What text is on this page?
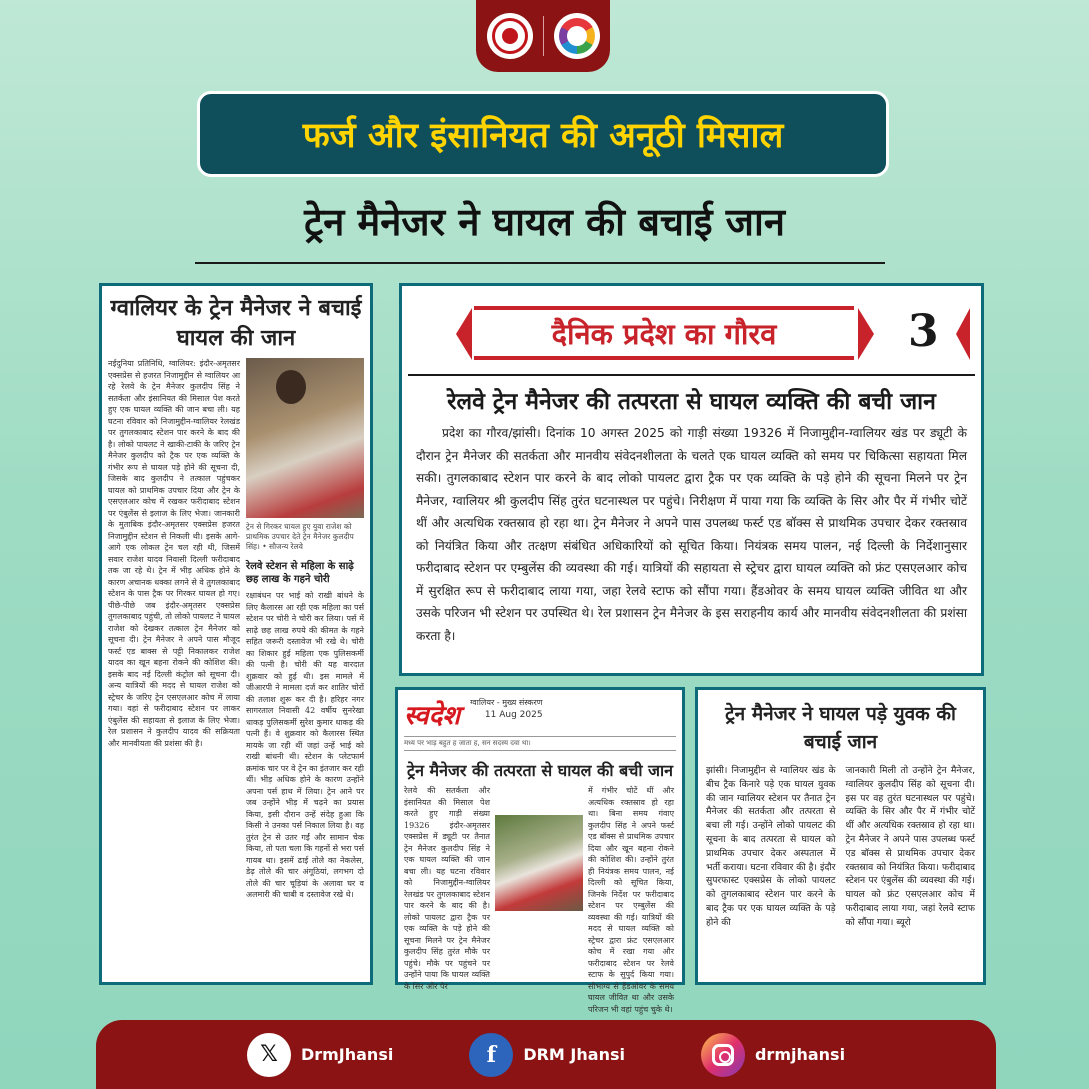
फर्ज और इंसानियत की अनूठी मिसाल
ट्रेन मैनेजर ने घायल की बचाई जान
ग्वालियर के ट्रेन मैनेजर ने बचाई घायल की जान
नईदुनिया प्रतिनिधि, ग्वालियर: इंदौर-अमृतसर एक्सप्रेस से हजरत निजामुद्दीन से ग्वालियर आ रहे रेलवे के ट्रेन मैनेजर कुलदीप सिंह ने सतर्कता और इंसानियत की मिसाल पेश करते हुए एक घायल व्यक्ति की जान बचा ली। यह घटना रविवार को निजामुद्दीन-ग्वालियर रेलखंड पर तुगलकाबाद स्टेशन पार करने के बाद की है। लोको पायलट ने खाकी-टाकी के जरिए ट्रेन मैनेजर कुलदीप को ट्रैक पर एक व्यक्ति के गंभीर रूप से घायल पड़े होने की सूचना दी, जिसके बाद कुलदीप ने तत्काल पहुंचकर घायल को प्राथमिक उपचार दिया और ट्रेन के एसएलआर कोच में रखकर फरीदाबाद स्टेशन पर एंबुलेंस से इलाज के लिए भेजा। जानकारी के मुताबिक इंदौर-अमृतसर एक्सप्रेस हजरत निजामुद्दीन स्टेशन से निकली थी। इसके आगे-आगे एक लोकल ट्रेन चल रही थी, जिसमें सवार राजेश यादव निवासी दिल्ली फरीदाबाद तक जा रहे थे। ट्रेन में भीड़ अधिक होने के कारण अचानक धक्का लगने से वे तुगलकाबाद स्टेशन के पास ट्रैक पर गिरकर घायल हो गए। पीछे-पीछे जब इंदौर-अमृतसर एक्सप्रेस तुगलकाबाद पहुंची, तो लोको पायलट ने घायल राजेश को देखकर तत्काल ट्रेन मैनेजर को सूचना दी। ट्रेन मैनेजर ने अपने पास मौजूद फर्स्ट एड बाक्स से पट्टी निकालकर राजेश यादव का खून बहना रोकने की कोशिश की। इसके बाद नई दिल्ली कंट्रोल को सूचना दी। अन्य यात्रियों की मदद से घायल राजेश को स्ट्रेचर के जरिए ट्रेन एसएलआर कोच में लाया गया। वहां से फरीदाबाद स्टेशन पर लाकर एंबुलेंस की सहायता से इलाज के लिए भेजा। रेल प्रशासन ने कुलदीप यादव की सक्रियता और मानवीयता की प्रशंसा की है।
ट्रेन से गिरकर घायल हुए युवा राजेश को प्राथमिक उपचार देते ट्रेन मैनेजर कुलदीप सिंह। • सौजन्य रेलवे
रेलवे स्टेशन से महिला के साढ़े छह लाख के गहने चोरी
रक्षाबंधन पर भाई को राखी बांधने के लिए कैलारस आ रही एक महिला का पर्स स्टेशन पर चोरी ने चोरी कर लिया। पर्स में साढ़े छह लाख रुपये की कीमत के गहने सहित जरूरी दस्तावेज भी रखे थे। चोरी का शिकार हुई महिला एक पुलिसकर्मी की पत्नी है। चोरी की यह वारदात शुक्रवार को हुई थी। इस मामले में जीआरपी ने मामला दर्ज कर शातिर चोरों की तलाश शुरू कर दी है। हरिहर नगर सागरताल निवासी 42 वर्षीय सुनरेखा धाकड़ पुलिसकर्मी सुरेश कुमार धाकड़ की पत्नी हैं। वे शुक्रवार को कैलारस स्थित मायके जा रही थीं जहां उन्हें भाई को राखी बांधनी थी। स्टेशन के प्लेटफार्म क्रमांक चार पर वे ट्रेन का इंतजार कर रही थीं। भीड़ अधिक होने के कारण उन्होंने अपना पर्स हाथ में लिया। ट्रेन आने पर जब उन्होंने भीड़ में चढ़ने का प्रयास किया, इसी दौरान उन्हें संदेह हुआ कि किसी ने उनका पर्स निकाल लिया है। वह तुरंत ट्रेन से उतर गईं और सामान चेक किया, तो पता चला कि गहनों से भरा पर्स गायब था। इसमें ढाई तोले का नेकलेस, डेढ़ तोले की चार अंगूठियां, लगभग दो तोले की चार चूड़ियां के अलावा घर व अलमारी की चाबी व दस्तावेज रखे थे।
दैनिक प्रदेश का गौरव	3
रेलवे ट्रेन मैनेजर की तत्परता से घायल व्यक्ति की बची जान
प्रदेश का गौरव/झांसी। दिनांक 10 अगस्त 2025 को गाड़ी संख्या 19326 में निजामुद्दीन-ग्वालियर खंड पर ड्यूटी के दौरान ट्रेन मैनेजर की सतर्कता और मानवीय संवेदनशीलता के चलते एक घायल व्यक्ति को समय पर चिकित्सा सहायता मिल सकी। तुगलकाबाद स्टेशन पार करने के बाद लोको पायलट द्वारा ट्रैक पर एक व्यक्ति के पड़े होने की सूचना मिलने पर ट्रेन मैनेजर, ग्वालियर श्री कुलदीप सिंह तुरंत घटनास्थल पर पहुंचे। निरीक्षण में पाया गया कि व्यक्ति के सिर और पैर में गंभीर चोटें थीं और अत्यधिक रक्तस्राव हो रहा था। ट्रेन मैनेजर ने अपने पास उपलब्ध फर्स्ट एड बॉक्स से प्राथमिक उपचार देकर रक्तस्राव को नियंत्रित किया और तत्क्षण संबंधित अधिकारियों को सूचित किया। नियंत्रक समय पालन, नई दिल्ली के निर्देशानुसार फरीदाबाद स्टेशन पर एम्बुलेंस की व्यवस्था की गई। यात्रियों की सहायता से स्ट्रेचर द्वारा घायल व्यक्ति को फ्रंट एसएलआर कोच में सुरक्षित रूप से फरीदाबाद लाया गया, जहा रेलवे स्टाफ को सौंपा गया। हैंडओवर के समय घायल व्यक्ति जीवित था और उसके परिजन भी स्टेशन पर उपस्थित थे। रेल प्रशासन ट्रेन मैनेजर के इस सराहनीय कार्य और मानवीय संवेदनशीलता की प्रशंसा करता है।
स्वदेश ग्वालियर - मुख्य संस्करण
11 Aug 2025
मध्य पर भाड़ बहुत ह जाता ह, सन सदस्य दवा था।
ट्रेन मैनेजर की तत्परता से घायल की बची जान
रेलवे की सतर्कता और इंसानियत की मिसाल पेश करते हुए गाड़ी संख्या 19326 इंदौर-अमृतसर एक्सप्रेस में ड्यूटी पर तैनात ट्रेन मैनेजर कुलदीप सिंह ने एक घायल व्यक्ति की जान बचा ली। यह घटना रविवार को निजामुद्दीन-ग्वालियर रेलखंड पर तुगलकाबाद स्टेशन पार करने के बाद की है। लोको पायलट द्वारा ट्रैक पर एक व्यक्ति के पड़े होने की सूचना मिलने पर ट्रेन मैनेजर कुलदीप सिंह तुरंत मौके पर पहुंचे। मौके पर पहुंचने पर उन्होंने पाया कि घायल व्यक्ति के सिर और पैर
में गंभीर चोटें थीं और अत्यधिक रक्तस्राव हो रहा था। बिना समय गंवाए कुलदीप सिंह ने अपने फर्स्ट एड बॉक्स से प्राथमिक उपचार दिया और खून बहना रोकने की कोशिश की। उन्होंने तुरंत ही नियंत्रक समय पालन, नई दिल्ली को सूचित किया, जिनके निर्देश पर फरीदाबाद स्टेशन पर एम्बुलेंस की व्यवस्था की गई। यात्रियों की मदद से घायल व्यक्ति को स्ट्रेचर द्वारा फ्रंट एसएलआर कोच में रखा गया और फरीदाबाद स्टेशन पर रेलवे स्टाफ के सुपुर्द किया गया। सौभाग्य से हैंडओवर के समय घायल जीवित था और उसके परिजन भी वहां पहुंच चुके थे।
ट्रेन मैनेजर ने घायल पड़े युवक की बचाई जान
झांसी। निजामुद्दीन से ग्वालियर खंड के बीच ट्रैक किनारे पड़े एक घायल युवक की जान ग्वालियर स्टेशन पर तैनात ट्रेन मैनेजर की सतर्कता और तत्परता से बचा ली गई। उन्होंने लोको पायलट की सूचना के बाद तत्परता से घायल को प्राथमिक उपचार देकर अस्पताल में भर्ती कराया। घटना रविवार की है। इंदौर सुपरफास्ट एक्सप्रेस के लोको पायलट को तुगलकाबाद स्टेशन पार करने के बाद ट्रैक पर एक घायल व्यक्ति के पड़े होने की
जानकारी मिली तो उन्होंने ट्रेन मैनेजर, ग्वालियर कुलदीप सिंह को सूचना दी। इस पर वह तुरंत घटनास्थल पर पहुंचे। व्यक्ति के सिर और पैर में गंभीर चोटें थीं और अत्यधिक रक्तस्राव हो रहा था। ट्रेन मैनेजर ने अपने पास उपलब्ध फर्स्ट एड बॉक्स से प्राथमिक उपचार देकर रक्तस्राव को नियंत्रित किया। फरीदाबाद स्टेशन पर एंबुलेंस की व्यवस्था की गई। घायल को फ्रंट एसएलआर कोच में फरीदाबाद लाया गया, जहां रेलवे स्टाफ को सौंपा गया। ब्यूरो
𝕏	DrmJhansi	f	DRM Jhansi	drmjhansi
